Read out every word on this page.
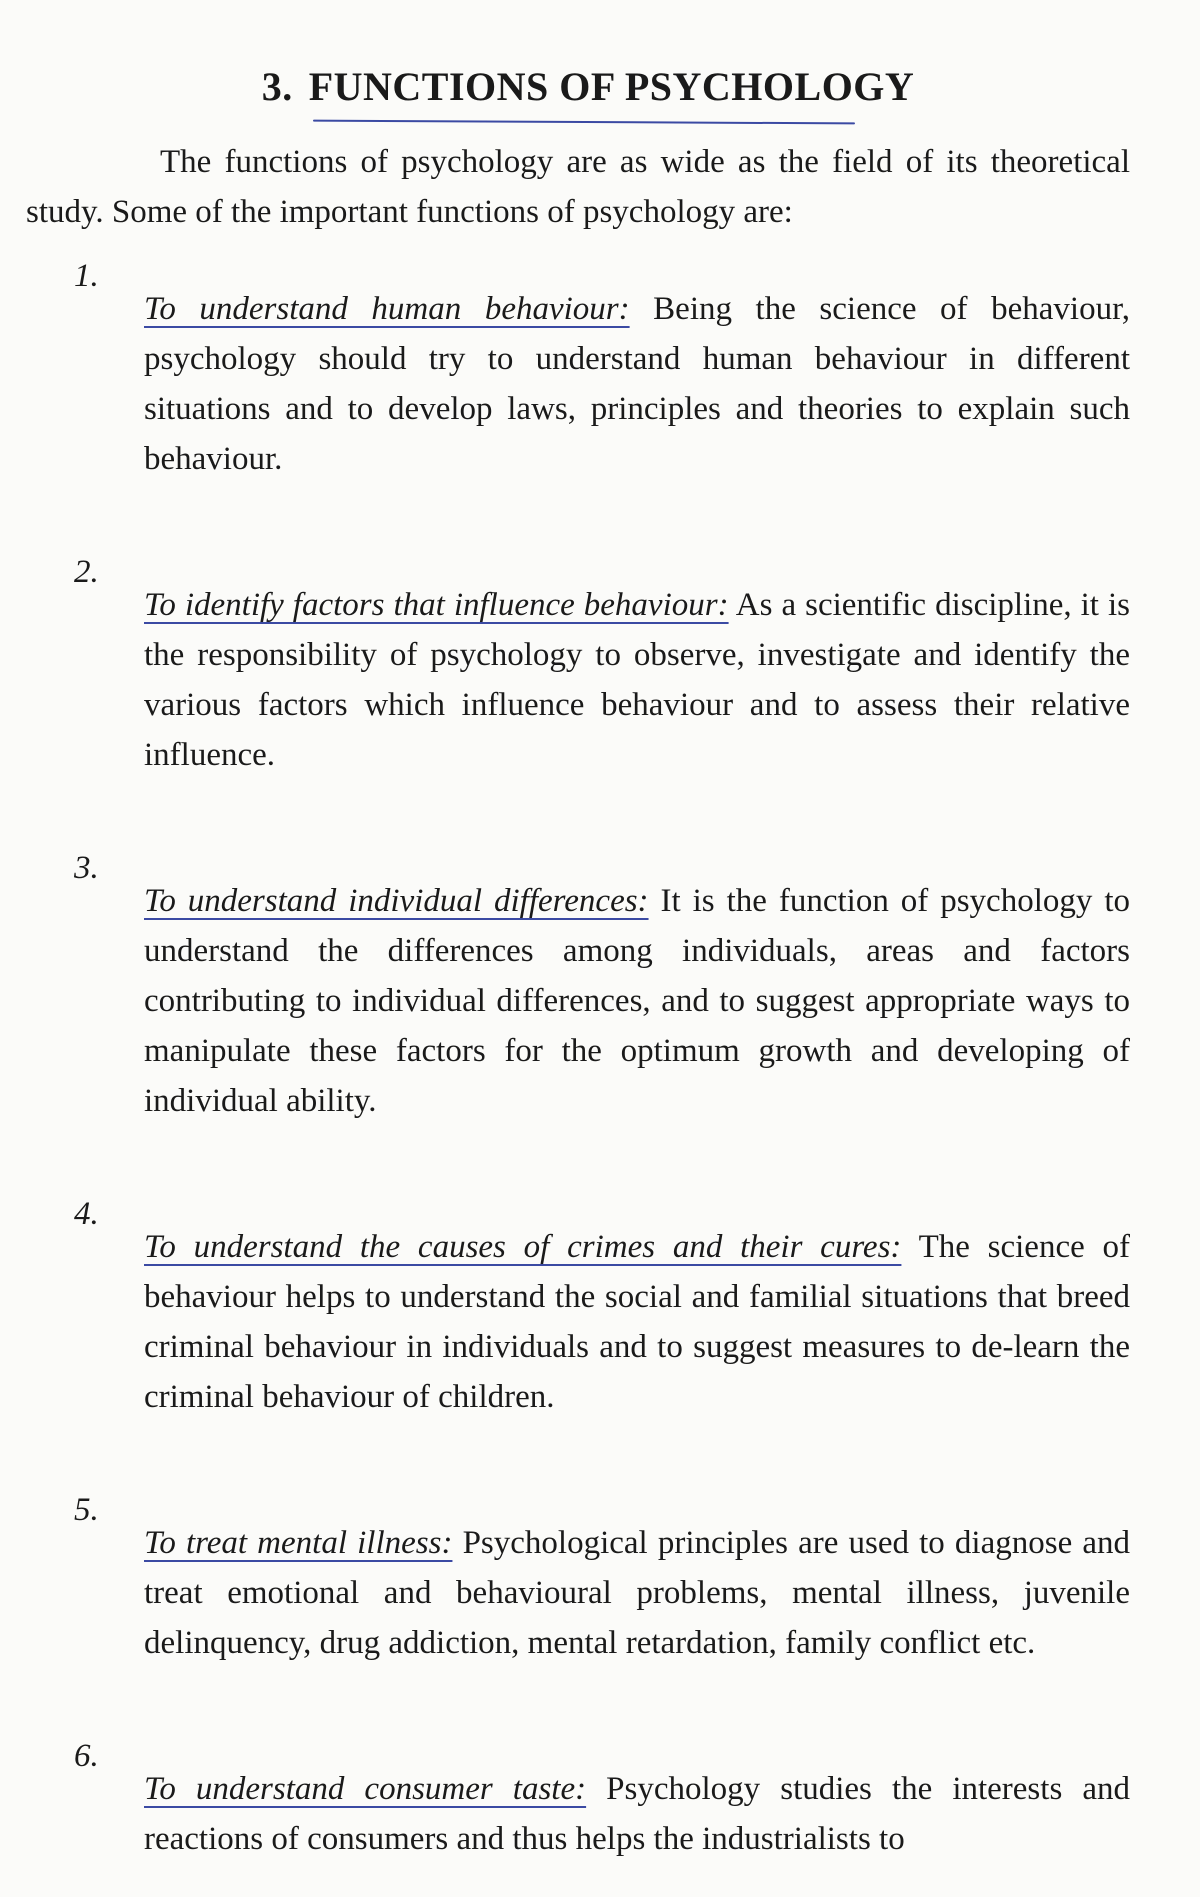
3. FUNCTIONS OF PSYCHOLOGY

The functions of psychology are as wide as the field of its theoretical study. Some of the important functions of psychology are:

1.

To understand human behaviour: Being the science of behaviour, psychology should try to understand human behaviour in different situations and to develop laws, principles and theories to explain such behaviour.

2.

To identify factors that influence behaviour: As a scientific discipline, it is the responsibility of psychology to observe, investigate and identify the various factors which influence behaviour and to assess their relative influence.

3.

To understand individual differences: It is the function of psychology to understand the differences among individuals, areas and factors contributing to individual differences, and to suggest appropriate ways to manipulate these factors for the optimum growth and developing of individual ability.

4.

To understand the causes of crimes and their cures: The science of behaviour helps to understand the social and familial situations that breed criminal behaviour in individuals and to suggest measures to de-learn the criminal behaviour of children.

5.

To treat mental illness: Psychological principles are used to diagnose and treat emotional and behavioural problems, mental illness, juvenile delinquency, drug addiction, mental retardation, family conflict etc.

6.

To understand consumer taste: Psychology studies the interests and reactions of consumers and thus helps the industrialists to
